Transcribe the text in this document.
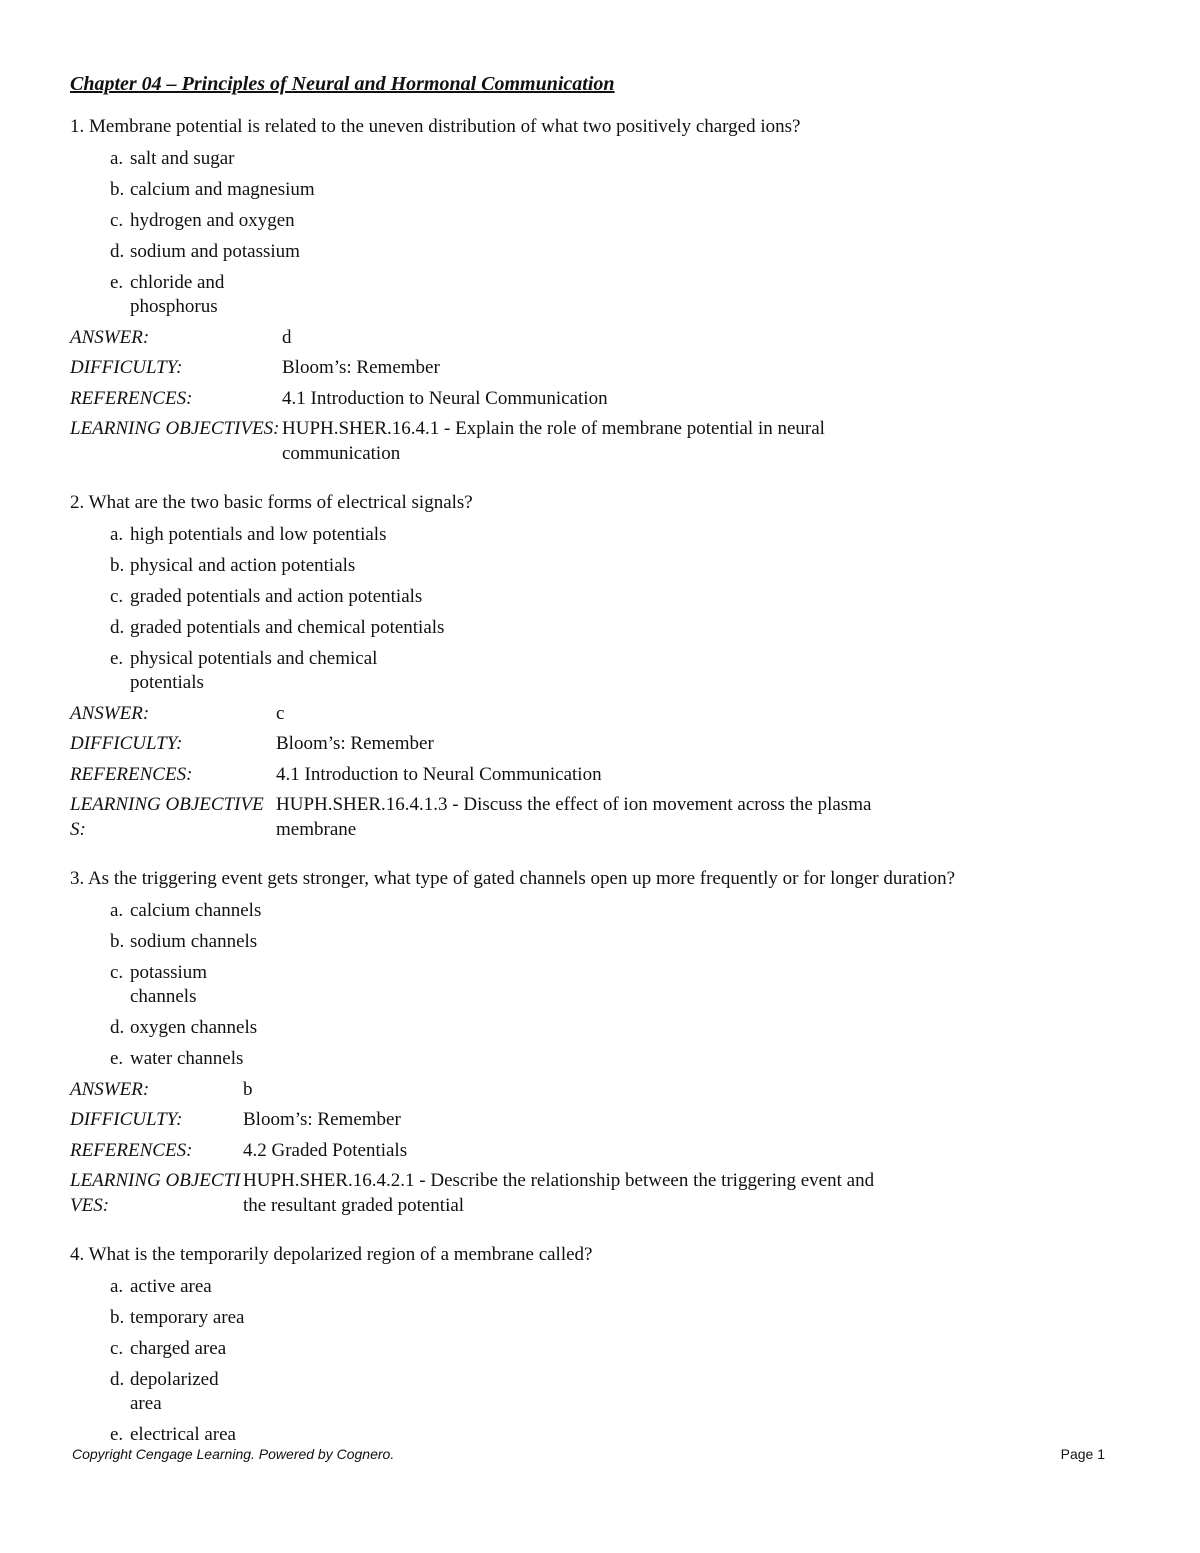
Chapter 04 – Principles of Neural and Hormonal Communication
1. Membrane potential is related to the uneven distribution of what two positively charged ions?
a. salt and sugar
b. calcium and magnesium
c. hydrogen and oxygen
d. sodium and potassium
e. chloride and phosphorus
ANSWER:	d
DIFFICULTY:	Bloom’s: Remember
REFERENCES:	4.1 Introduction to Neural Communication
LEARNING OBJECTIVES: HUPH.SHER.16.4.1 - Explain the role of membrane potential in neural communication
2. What are the two basic forms of electrical signals?
a. high potentials and low potentials
b. physical and action potentials
c. graded potentials and action potentials
d. graded potentials and chemical potentials
e. physical potentials and chemical potentials
ANSWER:	c
DIFFICULTY:	Bloom’s: Remember
REFERENCES:	4.1 Introduction to Neural Communication
LEARNING OBJECTIVES:
HUPH.SHER.16.4.1.3 - Discuss the effect of ion movement across the plasma membrane
3. As the triggering event gets stronger, what type of gated channels open up more frequently or for longer duration?
a. calcium channels
b. sodium channels
c. potassium channels
d. oxygen channels
e. water channels
ANSWER:	b
DIFFICULTY:	Bloom’s: Remember
REFERENCES:	4.2 Graded Potentials
LEARNING OBJECTIVES:
HUPH.SHER.16.4.2.1 - Describe the relationship between the triggering event and the resultant graded potential
4. What is the temporarily depolarized region of a membrane called?
a. active area
b. temporary area
c. charged area
d. depolarized area
e. electrical area
Copyright Cengage Learning. Powered by Cognero.	Page 1
